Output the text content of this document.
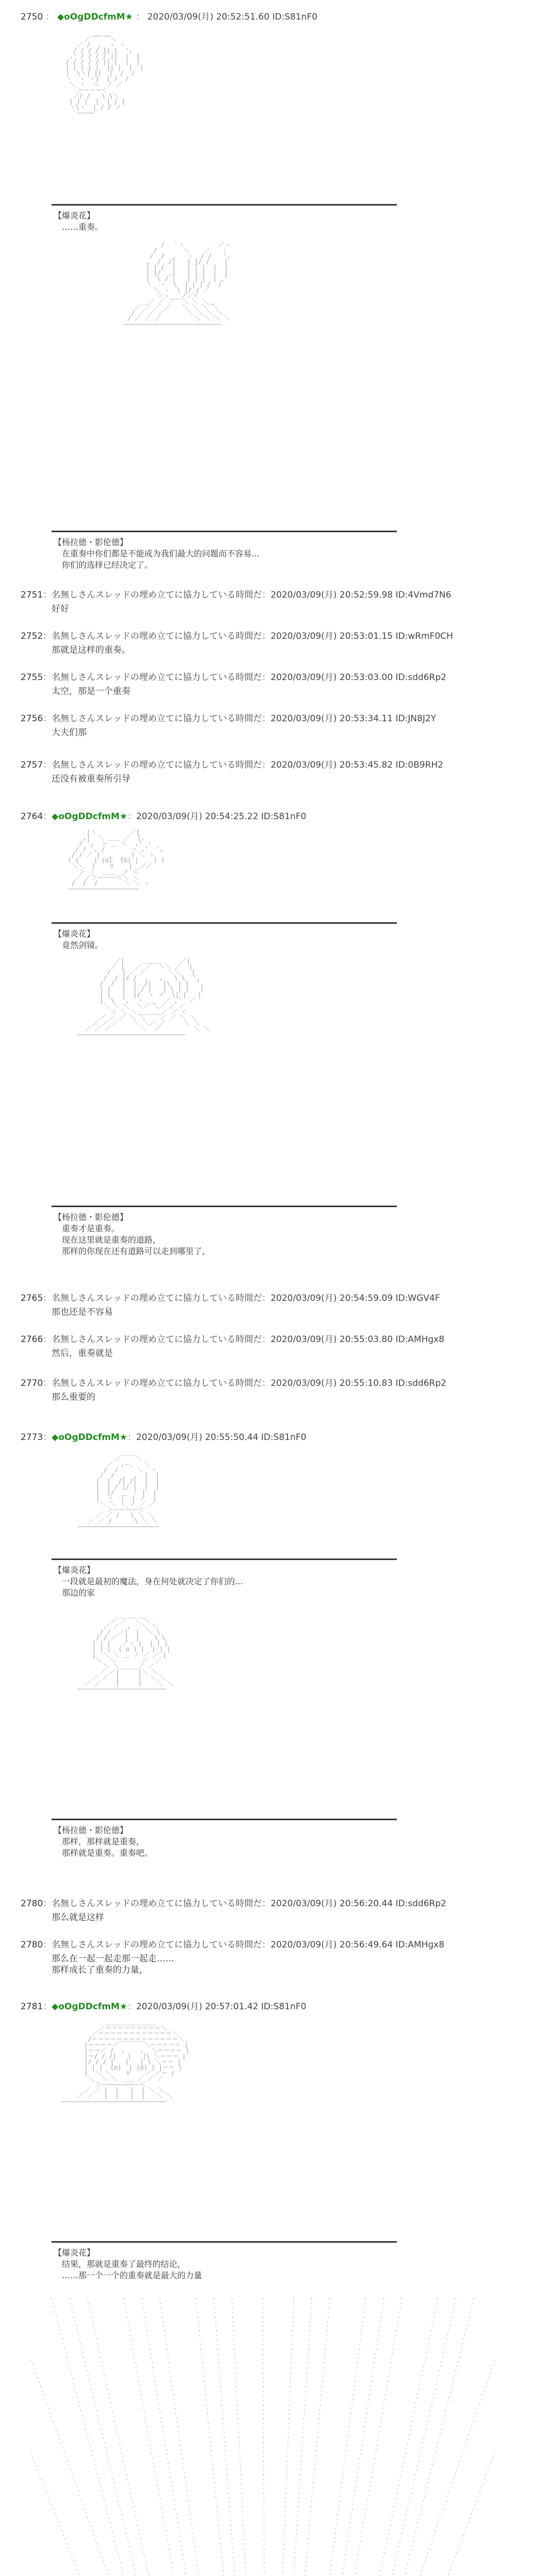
2750 ： ◆oOgDDcfmM★ ： 2020/03/09(月) 20:52:51.60 ID:S81nF0
＿＿＿
／ ￣ ￣＼
／ /  ,  ヽ ヽ
/ / / / }| |  ',
,' / / / / ||  |  i
/ / / / / || |  |  |
| | | | |  || |  |  |
|  \ヽ| ||  |  /  /
ヽ  ヽ ヽ|  | /  /
＼ ヽ  ＼  ノ ／
＞＝＝＝＜
／/ /   \ \＼
| | |  |  | | |
ヽ\ヽ  | / / ノ
`ー―――´
【爆炎花】
……重奏。
/  ｀ヽ         ／ヽ
/       ＼    ／   ｜
/  /  ,   ヽ  / /   ',
,  /  /|   | }/ /    |
| | /  |   | | |  |  |
| |/  ,|   | | |  |  |
|  \ / |   | | |  | ,'
ヽ  ヽ  \  | | | /  /
＼ ヽ  \ |/ / ／
＞ヽ___ノ／＜
＿／ ／ ／  ＼ ＼ ＼＿
／ ／ ／ ／   ＼ ＼ ＼ ＼
/ ／ ／ ／      ＼ ＼ ＼ ＼
/ ／ ／ ／         ＼ ＼ ＼ ＼
――――――――――――――――――――――――――
【杨拉德・影伦德】
在重奏中你们都是不能成为我们最大的问题而不容易...
你们的选择已经决定了。
2751：名無しさんスレッドの埋め立てに協力している時間だ：2020/03/09(月) 20:52:59.98 ID:4Vmd7N6
好好
2752：名無しさんスレッドの埋め立てに協力している時間だ：2020/03/09(月) 20:53:01.15 ID:wRmF0CH
那就是这样的重奏。
2755：名無しさんスレッドの埋め立てに協力している時間だ：2020/03/09(月) 20:53:03.00 ID:sdd6Rp2
太空，那是一个重奏
2756：名無しさんスレッドの埋め立てに協力している時間だ：2020/03/09(月) 20:53:34.11 ID:JN8J2Y
大夫们那
2757：名無しさんスレッドの埋め立てに協力している時間だ：2020/03/09(月) 20:53:45.82 ID:0B9RH2
还没有被重奏所引导
2764：◆oOgDDcfmM★：2020/03/09(月) 20:54:25.22 ID:S81nF0
|ヽ         ／|
,|  ＼ ＿＿ ／  |,
/ ',  ＞ ＿ ＜  ,' ヽ
/ / ', /       ヽ ,'  ',
/ / ／ |  ＿  ＿ | ＼ ヽ
( (    | (o)  (o) |    ) )
＼＼  |    ▽    |  ／／
＞ ヽ  ＿＿  ノ ＜
／ ／＞ーーー＜＼ ＼
/  /  /       ＼ ＼ ヽ
―――――――――――――――――――
【爆炎花】
竟然剑镜。
／|     ＿＿＿     ／|
／ |   ／ ／  ＼＼ ／  |
/   | ／ ／      ＼＼   |
/  / |/ /  ,   ,   \ \  ',
/  /  |  |  /|   |\  | |  ',
| |   |  | / |   | \ | |   |
| |   |  |/  ヽ ノ  \| |   |
|  \  ',  ヽ  ＿  ／ ,'  ／
＼ ＼ ＼  ＼／ ＼／ ／ ／
＞ ＼ ＼＿＿＿＿／ ／ ＜
／ ／ ／ ＼ ＼    ／ ／ ＼ ＼
／ ／ ／    ＼ ＼／ ／     ＼ ＼
／ ／ ／        ＼  ／         ＼ ＼
―――――――――――――――――――――――――――――
【杨拉德・影伦德】
重奏才是重奏。
现在这里就是重奏的道路，
那样的你现在还有道路可以走到哪里了，
2765：名無しさんスレッドの埋め立てに協力している時間だ：2020/03/09(月) 20:54:59.09 ID:WGV4F
那也还是不容易
2766：名無しさんスレッドの埋め立てに協力している時間だ：2020/03/09(月) 20:55:03.80 ID:AMHgx8
然后，重奏就是
2770：名無しさんスレッドの埋め立てに協力している時間だ：2020/03/09(月) 20:55:10.83 ID:sdd6Rp2
那么重要的
2773：◆oOgDDcfmM★：2020/03/09(月) 20:55:50.44 ID:S81nF0
＿＿
／    ＼
／  ,ー、  ＼
/  /     ＼  ヽ
/  /  ,  ,  |  |
|  |  /| /|  |  |
|  | / |/ |  |  |
|  |/  ＿ ヽ |  |
|  ヽ  |  | ノ  |
＼ ＼ ヽ_ノ ／ ／
＞ーーーー＜
／ ／ /   \ ＼ ＼
／ ／ /      \ ＼ ＼
――――――――――――――――――――――
【爆炎花】
一段就是最初的魔法，身在何处就决定了你们的...
那边的家
＿ ＿ ＿
／ ／  ＼ ＼
／ ／  ,   ＼ ＼
/ /  ／|  |  ＼ \
/ / ／  |  |    \ \
| | |   ／ヽ |  | | |
| | |  ( o ) |  | | |
|  ＼ ＼ ＿ ノ ／ ／ |
＼  ＼       ／  ／
＼ ＼＿＿＿／ ／
／ ／|     |＼ ＼
／ ／  |     |  ＼ ＼
／ ／    |     |    ＼ ＼
――――――――――――――――――――――――
【杨拉德・影伦德】
那样，那样就是重奏，
那样就是重奏。重奏吧。
2780：名無しさんスレッドの埋め立てに協力している時間だ：2020/03/09(月) 20:56:20.44 ID:sdd6Rp2
那么就是这样
2780：名無しさんスレッドの埋め立てに協力している時間だ：2020/03/09(月) 20:56:49.64 ID:AMHgx8
那么在一起一起走那一起走……
那样成长了重奏的力量，
2781：◆oOgDDcfmM★：2020/03/09(月) 20:57:01.42 ID:S81nF0
＿＿＿＿＿＿＿＿
／＝＝＝＝＝＝＝＝＝＼
／＝＝＝＝＝＝＝＝＝＝＝＝＼
/＝＝＝＝＝＝＝＝＝＝＝＝＝＝＼
|＝＝＝＝／￣￣￣￣＼＝＝＝＝＝ |
|＝＝／ /  ,    ,  ＼＝＝＝＝ |
|＝/ / /|   |   |\ ＼＝＝＝ |
|/ / / |   |   | \ ＼＝＝ |
| | |  (o)  | (o) | |＝＝ |
|  ＼ ＼    ▽    ／ ／＝ /
＼  ＼ ＼ ＿＿ ／ ／ ／
＞ー―――――――ー＜
／ ／ |  |   |  | ＼ ＼
／ ／   |  |   |  |   ＼ ＼
――――――――――――――――――――――――――――
【爆炎花】
结果，那就是重奏了最终的结论，
……那一个一个的重奏就是最大的力量
